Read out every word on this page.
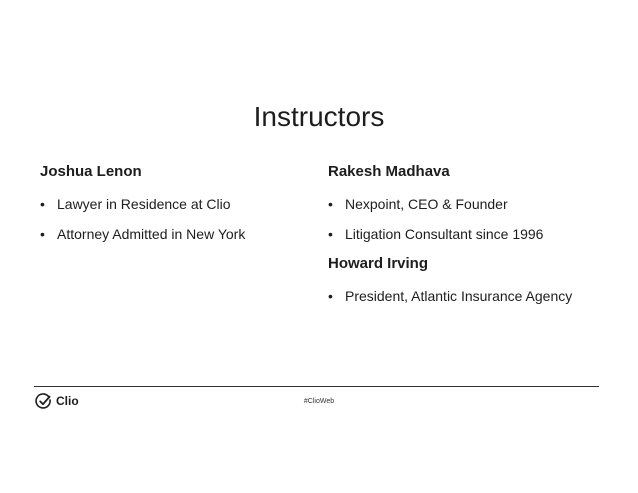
Instructors
Joshua Lenon
• Lawyer in Residence at Clio
• Attorney Admitted in New York
Rakesh Madhava
• Nexpoint, CEO & Founder
• Litigation Consultant since 1996
Howard Irving
• President, Atlantic Insurance Agency
Clio	#ClioWeb
